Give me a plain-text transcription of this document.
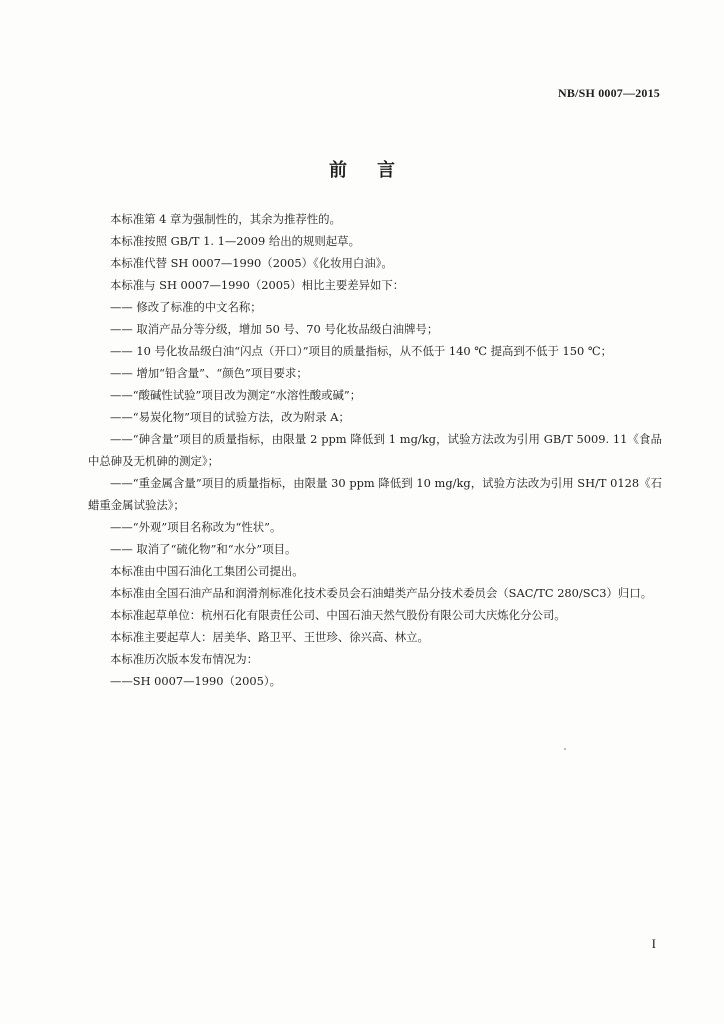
NB/SH 0007—2015
前言

本标准第 4 章为强制性的，其余为推荐性的。

本标准按照 GB/T 1. 1—2009 给出的规则起草。

本标准代替 SH 0007—1990（2005）《化妆用白油》。

本标准与 SH 0007—1990（2005）相比主要差异如下：

—— 修改了标准的中文名称；

—— 取消产品分等分级，增加 50 号、70 号化妆品级白油牌号；

—— 10 号化妆品级白油“闪点（开口）”项目的质量指标，从不低于 140 ℃ 提高到不低于 150 ℃；

—— 增加“铅含量”、“颜色”项目要求；

——“酸碱性试验”项目改为测定“水溶性酸或碱”；

——“易炭化物”项目的试验方法，改为附录 A；

——“砷含量”项目的质量指标，由限量 2 ppm 降低到 1 mg/kg，试验方法改为引用 GB/T 5009. 11《食品中总砷及无机砷的测定》；

——“重金属含量”项目的质量指标，由限量 30 ppm 降低到 10 mg/kg，试验方法改为引用 SH/T 0128《石蜡重金属试验法》；

——“外观”项目名称改为“性状”。

—— 取消了“硫化物”和“水分”项目。

本标准由中国石油化工集团公司提出。

本标准由全国石油产品和润滑剂标准化技术委员会石油蜡类产品分技术委员会（SAC/TC 280/SC3）归口。

本标准起草单位：杭州石化有限责任公司、中国石油天然气股份有限公司大庆炼化分公司。

本标准主要起草人：居美华、路卫平、王世珍、徐兴高、林立。

本标准历次版本发布情况为：

——SH 0007—1990（2005）。

I
